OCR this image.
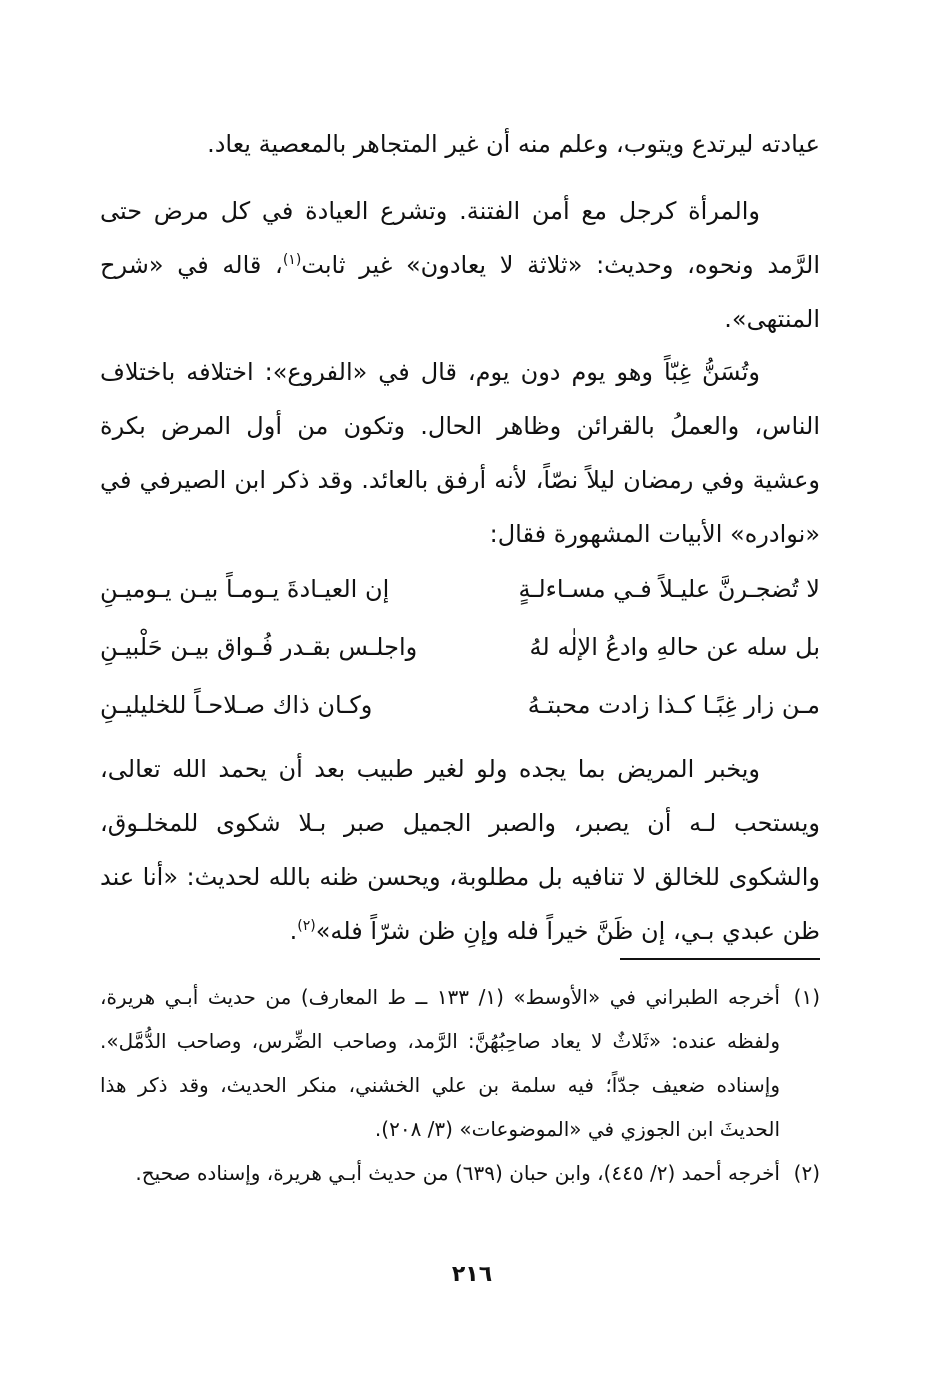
عيادته ليرتدع ويتوب، وعلم منه أن غير المتجاهر بالمعصية يعاد.

والمرأة كرجل مع أمن الفتنة. وتشرع العيادة في كل مرض حتى الرَّمد ونحوه، وحديث: «ثلاثة لا يعادون» غير ثابت$^{(١)}$، قاله في «شرح المنتهى».

وتُسَنُّ غِبّاً وهو يوم دون يوم، قال في «الفروع»: اختلافه باختلاف الناس، والعملُ بالقرائن وظاهر الحال. وتكون من أول المرض بكرة وعشية وفي رمضان ليلاً نصّاً، لأنه أرفق بالعائد. وقد ذكر ابن الصيرفي في «نوادره» الأبيات المشهورة فقال:

لا تُضجـرنَّ عليـلاً فـي مسـاءلـةٍ
إن العيـادةَ يـومـاً بيـن يـوميـنِ
بل سله عن حالهِ وادعُ الإلٰه لهُ
واجلـس بقـدر فُـواق بيـن حَلْبيـنِ
مـن زار غِبًـا كـذا زادت محبتـهُ
وكـان ذاك صـلاحـاً للخليليـنِ

ويخبر المريض بما يجده ولو لغير طبيب بعد أن يحمد الله تعالى، ويستحب لـه أن يصبر، والصبر الجميل صبر بـلا شكوى للمخلـوق، والشكوى للخالق لا تنافيه بل مطلوبة، ويحسن ظنه بالله لحديث: «أنا عند ظن عبدي بـي، إن ظَنَّ خيراً فله وإنِ ظن شرّاً فله»$^{(٢)}$.

(١)
أخرجه الطبراني في «الأوسط» (١/ ١٣٣ ــ ط المعارف) من حديث أبـي هريرة، ولفظه عنده: «ثَلاثٌ لا يعاد صاحِبُهُنَّ: الرَّمد، وصاحب الضِّرس، وصاحب الدُّمَّل». وإسناده ضعيف جدّاً؛ فيه سلمة بن علي الخشني، منكر الحديث، وقد ذكر هذا الحديثَ ابن الجوزي في «الموضوعات» (٣/ ٢٠٨).
(٢)
أخرجه أحمد (٢/ ٤٤٥)، وابن حبان (٦٣٩) من حديث أبـي هريرة، وإسناده صحيح.
٢١٦
